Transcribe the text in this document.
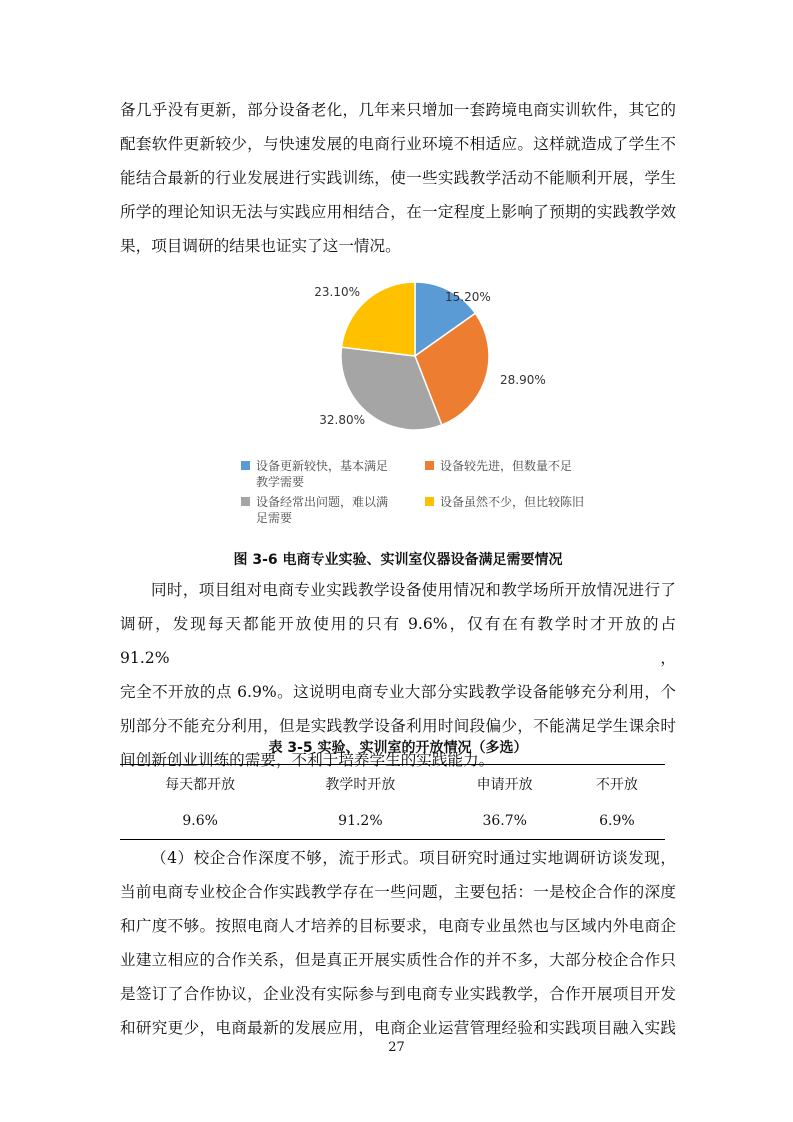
备几乎没有更新，部分设备老化，几年来只增加一套跨境电商实训软件，其它的

配套软件更新较少，与快速发展的电商行业环境不相适应。这样就造成了学生不

能结合最新的行业发展进行实践训练，使一些实践教学活动不能顺利开展，学生

所学的理论知识无法与实践应用相结合，在一定程度上影响了预期的实践教学效

果，项目调研的结果也证实了这一情况。

15.20%
28.90%
32.80%
23.10%
设备更新较快，基本满足
教学需要
设备较先进，但数量不足
设备经常出问题，难以满
足需要
设备虽然不少，但比较陈旧
图 3-6 电商专业实验、实训室仪器设备满足需要情况

同时，项目组对电商专业实践教学设备使用情况和教学场所开放情况进行了

调研，发现每天都能开放使用的只有 9.6%，仅有在有教学时才开放的占 91.2%，

完全不开放的点 6.9%。这说明电商专业大部分实践教学设备能够充分利用，个

别部分不能充分利用，但是实践教学设备利用时间段偏少，不能满足学生课余时

间创新创业训练的需要，不利于培养学生的实践能力。

表 3-5 实验、实训室的开放情况（多选）
每天都开放	教学时开放	申请开放	不开放
9.6%	91.2%	36.7%	6.9%

（4）校企合作深度不够，流于形式。项目研究时通过实地调研访谈发现，

当前电商专业校企合作实践教学存在一些问题，主要包括：一是校企合作的深度

和广度不够。按照电商人才培养的目标要求，电商专业虽然也与区域内外电商企

业建立相应的合作关系，但是真正开展实质性合作的并不多，大部分校企合作只

是签订了合作协议，企业没有实际参与到电商专业实践教学，合作开展项目开发

和研究更少，电商最新的发展应用，电商企业运营管理经验和实践项目融入实践

27
